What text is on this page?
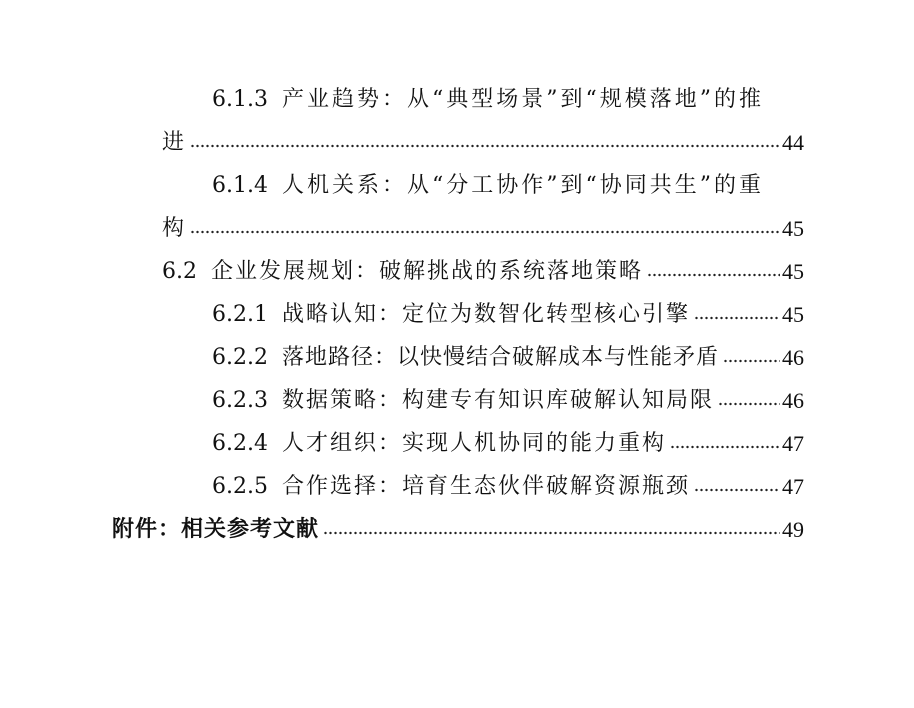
6.1.3 产业趋势：从“典型场景”到“规模落地”的推
进	44
6.1.4 人机关系：从“分工协作”到“协同共生”的重
构	45
6.2 企业发展规划：破解挑战的系统落地策略	45
6.2.1 战略认知：定位为数智化转型核心引擎	45
6.2.2 落地路径：以快慢结合破解成本与性能矛盾	46
6.2.3 数据策略：构建专有知识库破解认知局限	46
6.2.4 人才组织：实现人机协同的能力重构	47
6.2.5 合作选择：培育生态伙伴破解资源瓶颈	47
附件：相关参考文献	49
